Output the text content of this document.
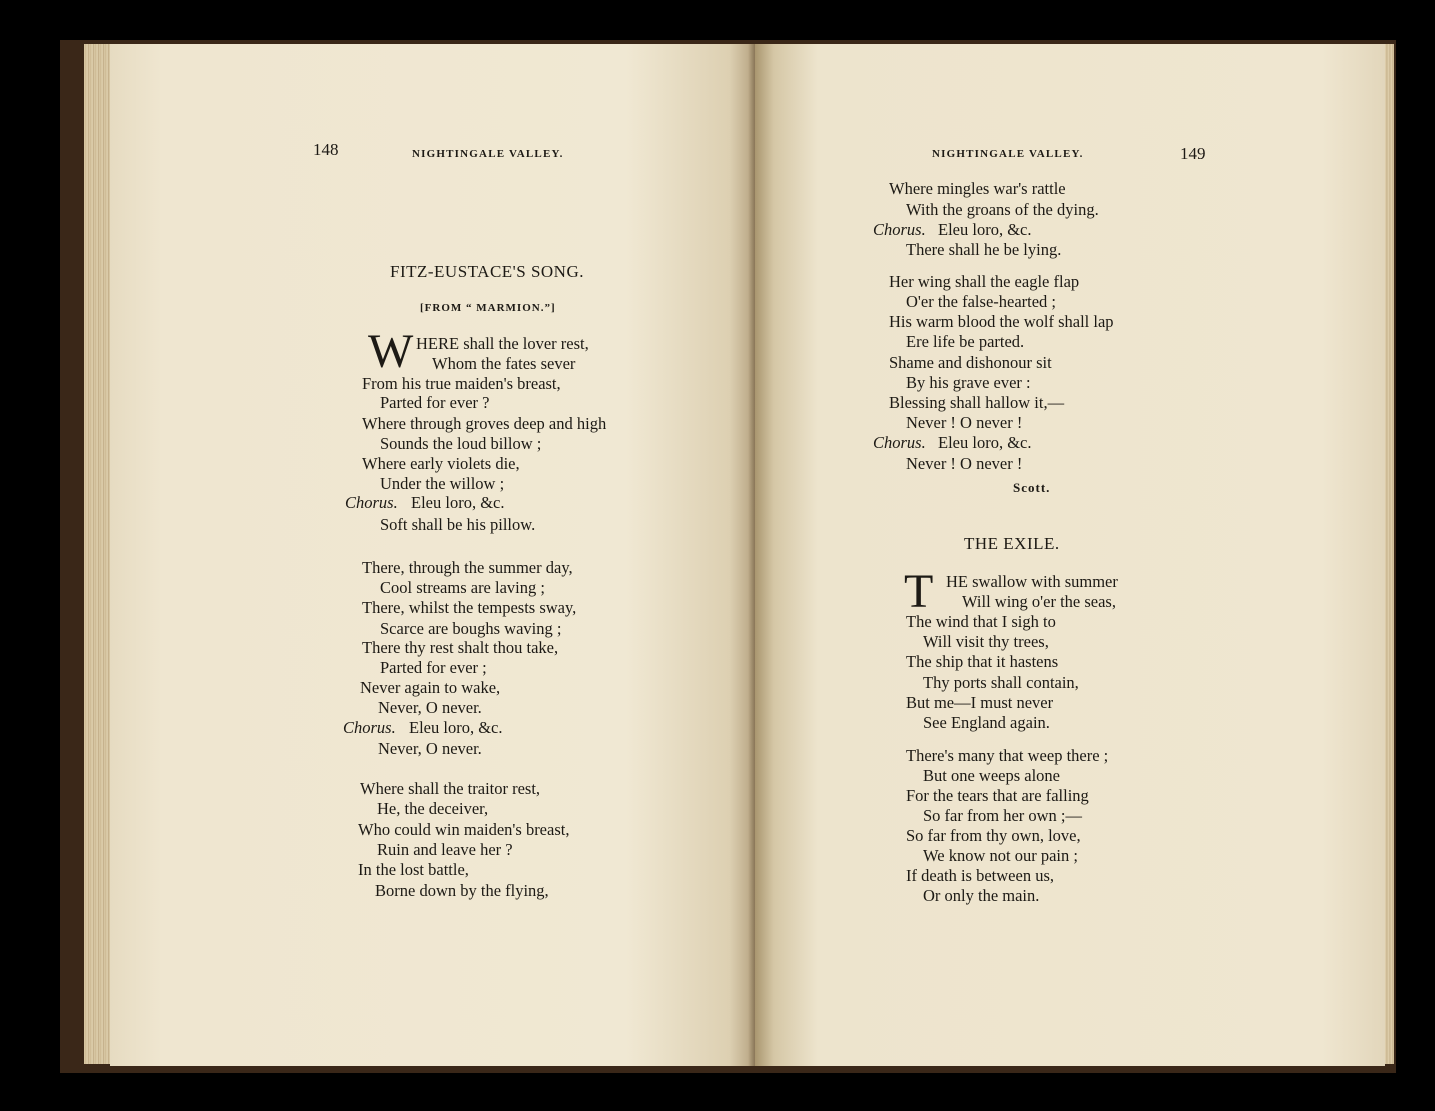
148	NIGHTINGALE VALLEY.
FITZ-EUSTACE'S SONG.
[FROM “ MARMION.”]
W HERE shall the lover rest,
Whom the fates sever
From his true maiden's breast,
Parted for ever ?
Where through groves deep and high
Sounds the loud billow ;
Where early violets die,
Under the willow ;
Chorus. Eleu loro, &c.
Soft shall be his pillow.
There, through the summer day,
Cool streams are laving ;
There, whilst the tempests sway,
Scarce are boughs waving ;
There thy rest shalt thou take,
Parted for ever ;
Never again to wake,
Never, O never.
Chorus. Eleu loro, &c.
Never, O never.
Where shall the traitor rest,
He, the deceiver,
Who could win maiden's breast,
Ruin and leave her ?
In the lost battle,
Borne down by the flying,
NIGHTINGALE VALLEY.	149
Where mingles war's rattle
With the groans of the dying.
Chorus. Eleu loro, &c.
There shall he be lying.
Her wing shall the eagle flap
O'er the false-hearted ;
His warm blood the wolf shall lap
Ere life be parted.
Shame and dishonour sit
By his grave ever :
Blessing shall hallow it,—
Never ! O never !
Chorus. Eleu loro, &c.
Never ! O never !
Scott.
THE EXILE.
T HE swallow with summer
Will wing o'er the seas,
The wind that I sigh to
Will visit thy trees,
The ship that it hastens
Thy ports shall contain,
But me—I must never
See England again.
There's many that weep there ;
But one weeps alone
For the tears that are falling
So far from her own ;—
So far from thy own, love,
We know not our pain ;
If death is between us,
Or only the main.
